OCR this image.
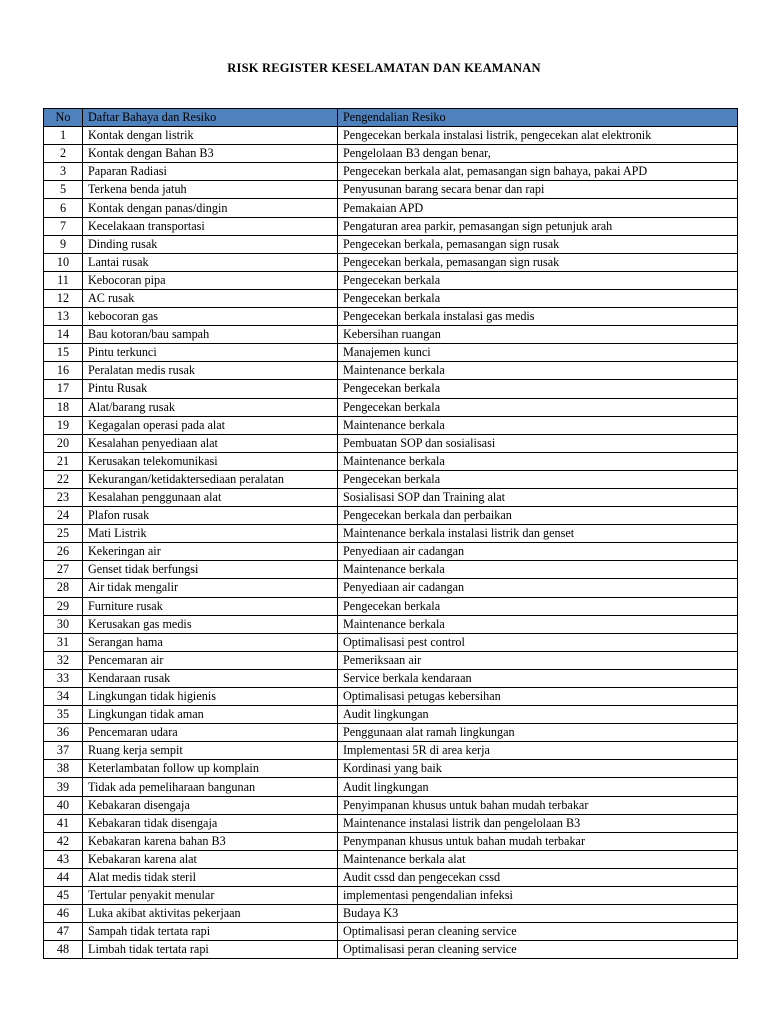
RISK REGISTER KESELAMATAN DAN KEAMANAN
No	Daftar Bahaya dan Resiko	Pengendalian Resiko
1	Kontak dengan listrik	Pengecekan berkala instalasi listrik, pengecekan alat elektronik
2	Kontak dengan Bahan B3	Pengelolaan B3 dengan benar,
3	Paparan Radiasi	Pengecekan berkala alat, pemasangan sign bahaya, pakai APD
5	Terkena benda jatuh	Penyusunan barang secara benar dan rapi
6	Kontak dengan panas/dingin	Pemakaian APD
7	Kecelakaan transportasi	Pengaturan area parkir, pemasangan sign petunjuk arah
9	Dinding rusak	Pengecekan berkala, pemasangan sign rusak
10	Lantai rusak	Pengecekan berkala, pemasangan sign rusak
11	Kebocoran pipa	Pengecekan berkala
12	AC rusak	Pengecekan berkala
13	kebocoran gas	Pengecekan berkala instalasi gas medis
14	Bau kotoran/bau sampah	Kebersihan ruangan
15	Pintu terkunci	Manajemen kunci
16	Peralatan medis rusak	Maintenance berkala
17	Pintu Rusak	Pengecekan berkala
18	Alat/barang rusak	Pengecekan berkala
19	Kegagalan operasi pada alat	Maintenance berkala
20	Kesalahan penyediaan alat	Pembuatan SOP dan sosialisasi
21	Kerusakan telekomunikasi	Maintenance berkala
22	Kekurangan/ketidaktersediaan peralatan	Pengecekan berkala
23	Kesalahan penggunaan alat	Sosialisasi SOP dan Training alat
24	Plafon rusak	Pengecekan berkala dan perbaikan
25	Mati Listrik	Maintenance berkala instalasi listrik dan genset
26	Kekeringan air	Penyediaan air cadangan
27	Genset tidak berfungsi	Maintenance berkala
28	Air tidak mengalir	Penyediaan air cadangan
29	Furniture rusak	Pengecekan berkala
30	Kerusakan gas medis	Maintenance berkala
31	Serangan hama	Optimalisasi pest control
32	Pencemaran air	Pemeriksaan air
33	Kendaraan rusak	Service berkala kendaraan
34	Lingkungan tidak higienis	Optimalisasi petugas kebersihan
35	Lingkungan tidak aman	Audit lingkungan
36	Pencemaran udara	Penggunaan alat ramah lingkungan
37	Ruang kerja sempit	Implementasi 5R di area kerja
38	Keterlambatan follow up komplain	Kordinasi yang baik
39	Tidak ada pemeliharaan bangunan	Audit lingkungan
40	Kebakaran disengaja	Penyimpanan khusus untuk bahan mudah terbakar
41	Kebakaran tidak disengaja	Maintenance instalasi listrik dan pengelolaan B3
42	Kebakaran karena bahan B3	Penympanan khusus untuk bahan mudah terbakar
43	Kebakaran karena alat	Maintenance berkala alat
44	Alat medis tidak steril	Audit cssd dan pengecekan cssd
45	Tertular penyakit menular	implementasi pengendalian infeksi
46	Luka akibat aktivitas pekerjaan	Budaya K3
47	Sampah tidak tertata rapi	Optimalisasi peran cleaning service
48	Limbah tidak tertata rapi	Optimalisasi peran cleaning service
